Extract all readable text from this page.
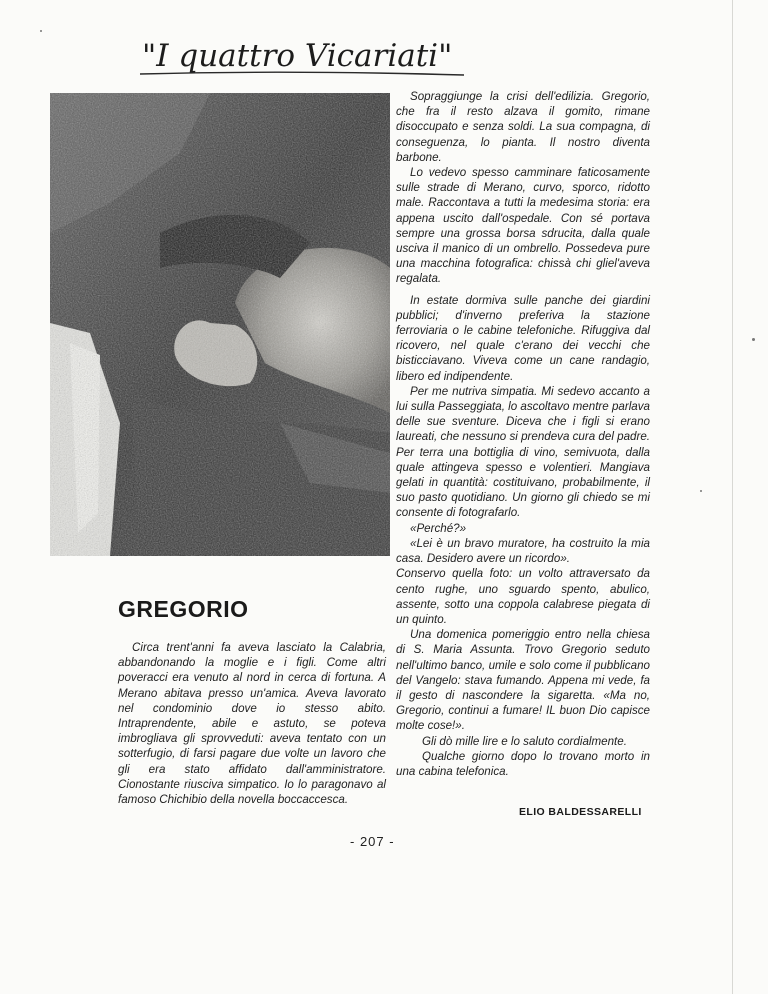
"I quattro Vicariati"
GREGORIO

Circa trent'anni fa aveva lasciato la Calabria, abbandonando la moglie e i figli. Come altri poveracci era venuto al nord in cerca di fortuna. A Merano abitava presso un'amica. Aveva lavorato nel condominio dove io stesso abito. Intraprendente, abile e astuto, se poteva imbrogliava gli sprovveduti: aveva tentato con un sotterfugio, di farsi pagare due volte un lavoro che gli era stato affidato dall'amministratore. Cionostante riusciva simpatico. Io lo paragonavo al famoso Chichibio della novella boccaccesca.

Sopraggiunge la crisi dell'edilizia. Gregorio, che fra il resto alzava il gomito, rimane disoccupato e senza soldi. La sua compagna, di conseguenza, lo pianta. Il nostro diventa barbone.

Lo vedevo spesso camminare faticosamente sulle strade di Merano, curvo, sporco, ridotto male. Raccontava a tutti la medesima storia: era appena uscito dall'ospedale. Con sé portava sempre una grossa borsa sdrucita, dalla quale usciva il manico di un ombrello. Possedeva pure una macchina fotografica: chissà chi gliel'aveva regalata.

In estate dormiva sulle panche dei giardini pubblici; d'inverno preferiva la stazione ferroviaria o le cabine telefoniche. Rifuggiva dal ricovero, nel quale c'erano dei vecchi che bisticciavano. Viveva come un cane randagio, libero ed indipendente.

Per me nutriva simpatia. Mi sedevo accanto a lui sulla Passeggiata, lo ascoltavo mentre parlava delle sue sventure. Diceva che i figli si erano laureati, che nessuno si prendeva cura del padre. Per terra una bottiglia di vino, semivuota, dalla quale attingeva spesso e volentieri. Mangiava gelati in quantità: costituivano, probabilmente, il suo pasto quotidiano. Un giorno gli chiedo se mi consente di fotografarlo.

«Perché?»

«Lei è un bravo muratore, ha costruito la mia casa. Desidero avere un ricordo».

Conservo quella foto: un volto attraversato da cento rughe, uno sguardo spento, abulico, assente, sotto una coppola calabrese piegata di un quinto.

Una domenica pomeriggio entro nella chiesa di S. Maria Assunta. Trovo Gregorio seduto nell'ultimo banco, umile e solo come il pubblicano del Vangelo: stava fumando. Appena mi vede, fa il gesto di nascondere la sigaretta. «Ma no, Gregorio, continui a fumare! IL buon Dio capisce molte cose!».

Gli dò mille lire e lo saluto cordialmente.

Qualche giorno dopo lo trovano morto in una cabina telefonica.

ELIO BALDESSARELLI
- 207 -
